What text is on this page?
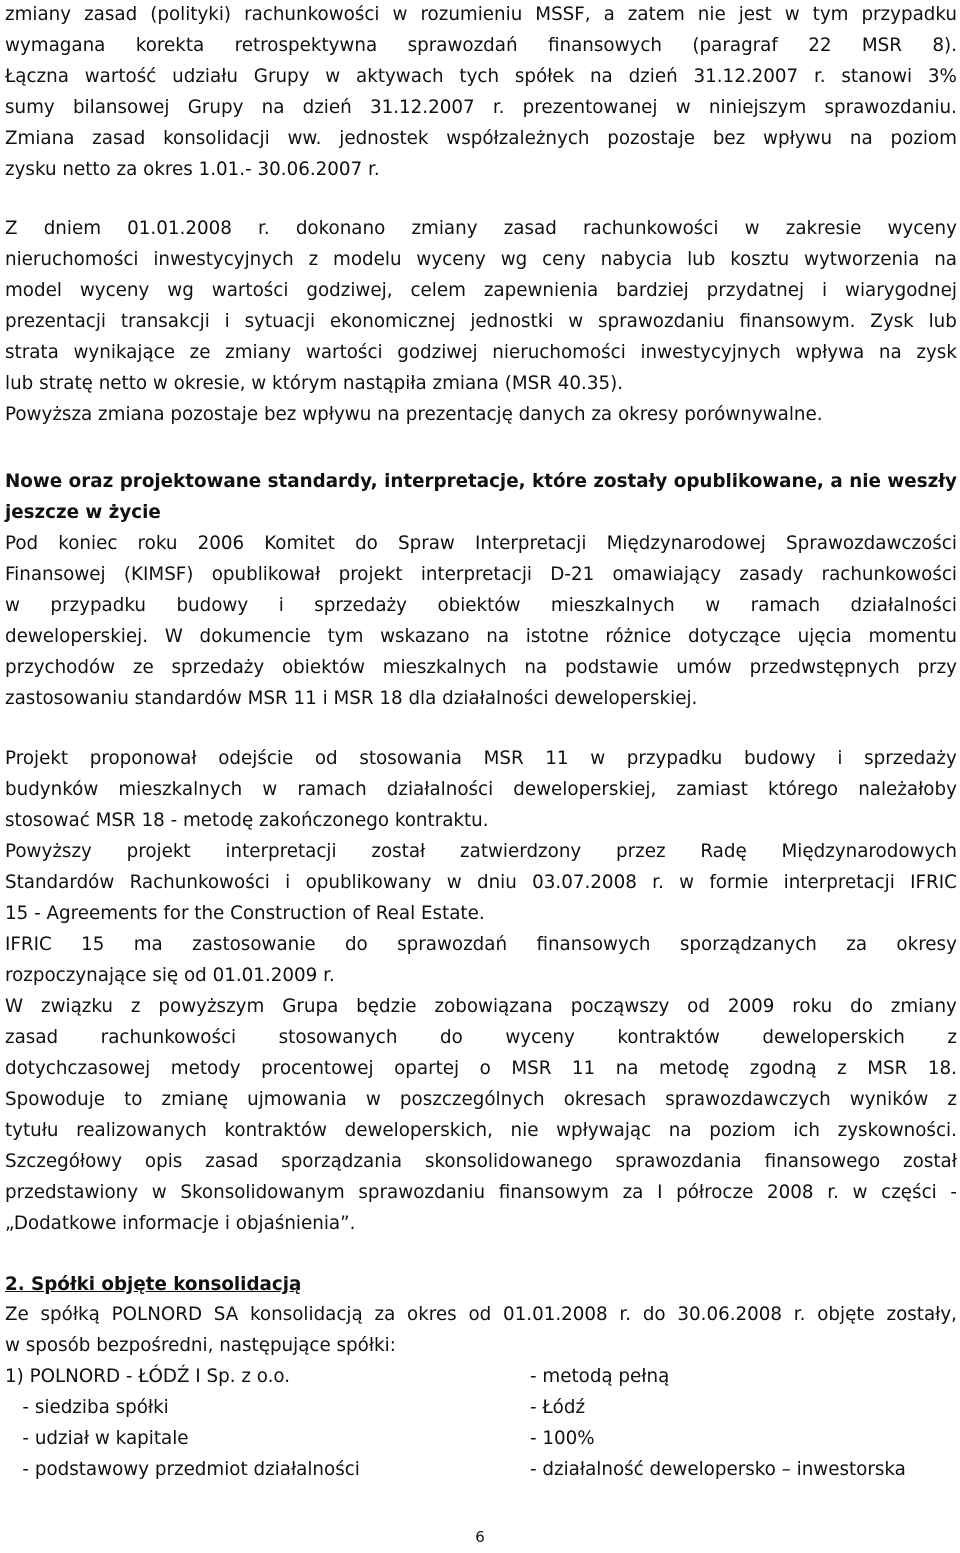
zmiany zasad (polityki) rachunkowości w rozumieniu MSSF, a zatem nie jest w tym przypadku
wymagana korekta retrospektywna sprawozdań finansowych (paragraf 22 MSR 8).
Łączna wartość udziału Grupy w aktywach tych spółek na dzień 31.12.2007 r. stanowi 3%
sumy bilansowej Grupy na dzień 31.12.2007 r. prezentowanej w niniejszym sprawozdaniu.
Zmiana zasad konsolidacji ww. jednostek współzależnych pozostaje bez wpływu na poziom
zysku netto za okres 1.01.- 30.06.2007 r.
Z dniem 01.01.2008 r. dokonano zmiany zasad rachunkowości w zakresie wyceny
nieruchomości inwestycyjnych z modelu wyceny wg ceny nabycia lub kosztu wytworzenia na
model wyceny wg wartości godziwej, celem zapewnienia bardziej przydatnej i wiarygodnej
prezentacji transakcji i sytuacji ekonomicznej jednostki w sprawozdaniu finansowym. Zysk lub
strata wynikające ze zmiany wartości godziwej nieruchomości inwestycyjnych wpływa na zysk
lub stratę netto w okresie, w którym nastąpiła zmiana (MSR 40.35).
Powyższa zmiana pozostaje bez wpływu na prezentację danych za okresy porównywalne.
Nowe oraz projektowane standardy, interpretacje, które zostały opublikowane, a nie weszły
jeszcze w życie
Pod koniec roku 2006 Komitet do Spraw Interpretacji Międzynarodowej Sprawozdawczości
Finansowej (KIMSF) opublikował projekt interpretacji D-21 omawiający zasady rachunkowości
w przypadku budowy i sprzedaży obiektów mieszkalnych w ramach działalności
deweloperskiej. W dokumencie tym wskazano na istotne różnice dotyczące ujęcia momentu
przychodów ze sprzedaży obiektów mieszkalnych na podstawie umów przedwstępnych przy
zastosowaniu standardów MSR 11 i MSR 18 dla działalności deweloperskiej.
Projekt proponował odejście od stosowania MSR 11 w przypadku budowy i sprzedaży
budynków mieszkalnych w ramach działalności deweloperskiej, zamiast którego należałoby
stosować MSR 18 - metodę zakończonego kontraktu.
Powyższy projekt interpretacji został zatwierdzony przez Radę Międzynarodowych
Standardów Rachunkowości i opublikowany w dniu 03.07.2008 r. w formie interpretacji IFRIC
15 - Agreements for the Construction of Real Estate.
IFRIC 15 ma zastosowanie do sprawozdań finansowych sporządzanych za okresy
rozpoczynające się od 01.01.2009 r.
W związku z powyższym Grupa będzie zobowiązana począwszy od 2009 roku do zmiany
zasad rachunkowości stosowanych do wyceny kontraktów deweloperskich z
dotychczasowej metody procentowej opartej o MSR 11 na metodę zgodną z MSR 18.
Spowoduje to zmianę ujmowania w poszczególnych okresach sprawozdawczych wyników z
tytułu realizowanych kontraktów deweloperskich, nie wpływając na poziom ich zyskowności.
Szczegółowy opis zasad sporządzania skonsolidowanego sprawozdania finansowego został
przedstawiony w Skonsolidowanym sprawozdaniu finansowym za I półrocze 2008 r. w części -
„Dodatkowe informacje i objaśnienia”.
2. Spółki objęte konsolidacją
Ze spółką POLNORD SA konsolidacją za okres od 01.01.2008 r. do 30.06.2008 r. objęte zostały,
w sposób bezpośredni, następujące spółki:
1) POLNORD - ŁÓDŹ I Sp. z o.o.	- metodą pełną
- siedziba spółki	- Łódź
- udział w kapitale	- 100%
- podstawowy przedmiot działalności	- działalność dewelopersko – inwestorska
6
